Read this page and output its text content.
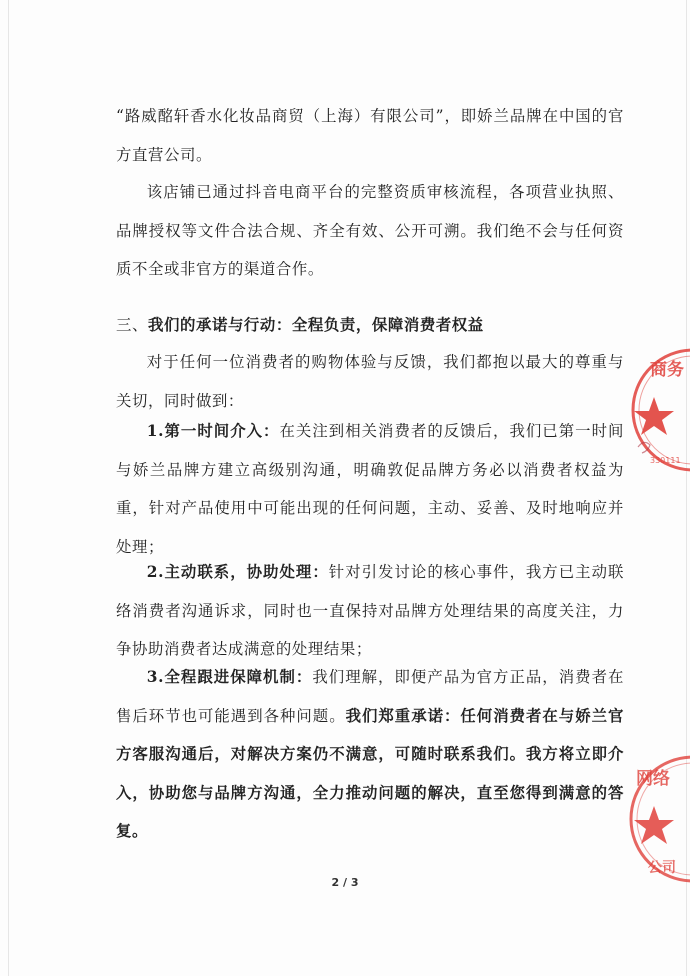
“路威酩轩香水化妆品商贸（上海）有限公司”，即娇兰品牌在中国的官方直营公司。

该店铺已通过抖音电商平台的完整资质审核流程，各项营业执照、品牌授权等文件合法合规、齐全有效、公开可溯。我们绝不会与任何资质不全或非官方的渠道合作。

三、我们的承诺与行动：全程负责，保障消费者权益

对于任何一位消费者的购物体验与反馈，我们都抱以最大的尊重与关切，同时做到：

1.第一时间介入：在关注到相关消费者的反馈后，我们已第一时间与娇兰品牌方建立高级别沟通，明确敦促品牌方务必以消费者权益为重，针对产品使用中可能出现的任何问题，主动、妥善、及时地响应并处理；

2.主动联系，协助处理：针对引发讨论的核心事件，我方已主动联络消费者沟通诉求，同时也一直保持对品牌方处理结果的高度关注，力争协助消费者达成满意的处理结果；

3.全程跟进保障机制：我们理解，即便产品为官方正品，消费者在售后环节也可能遇到各种问题。我们郑重承诺：任何消费者在与娇兰官方客服沟通后，对解决方案仍不满意，可随时联系我们。我方将立即介入，协助您与品牌方沟通，全力推动问题的解决，直至您得到满意的答复。

2 / 3
商务
330111
网络
公司
